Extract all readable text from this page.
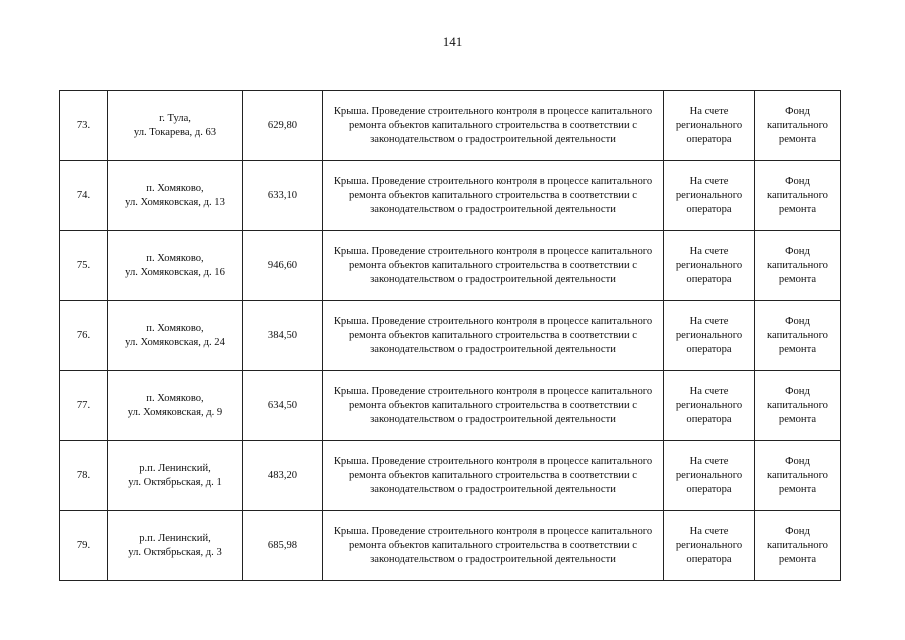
141
73.	г. Тула,
ул. Токарева, д. 63	629,80	Крыша. Проведение строительного контроля в процессе капитального ремонта объектов капитального строительства в соответствии с законодательством о градостроительной деятельности	На счете регионального оператора	Фонд капитального ремонта
74.	п. Хомяково,
ул. Хомяковская, д. 13	633,10	Крыша. Проведение строительного контроля в процессе капитального ремонта объектов капитального строительства в соответствии с законодательством о градостроительной деятельности	На счете регионального оператора	Фонд капитального ремонта
75.	п. Хомяково,
ул. Хомяковская, д. 16	946,60	Крыша. Проведение строительного контроля в процессе капитального ремонта объектов капитального строительства в соответствии с законодательством о градостроительной деятельности	На счете регионального оператора	Фонд капитального ремонта
76.	п. Хомяково,
ул. Хомяковская, д. 24	384,50	Крыша. Проведение строительного контроля в процессе капитального ремонта объектов капитального строительства в соответствии с законодательством о градостроительной деятельности	На счете регионального оператора	Фонд капитального ремонта
77.	п. Хомяково,
ул. Хомяковская, д. 9	634,50	Крыша. Проведение строительного контроля в процессе капитального ремонта объектов капитального строительства в соответствии с законодательством о градостроительной деятельности	На счете регионального оператора	Фонд капитального ремонта
78.	р.п. Ленинский,
ул. Октябрьская, д. 1	483,20	Крыша. Проведение строительного контроля в процессе капитального ремонта объектов капитального строительства в соответствии с законодательством о градостроительной деятельности	На счете регионального оператора	Фонд капитального ремонта
79.	р.п. Ленинский,
ул. Октябрьская, д. 3	685,98	Крыша. Проведение строительного контроля в процессе капитального ремонта объектов капитального строительства в соответствии с законодательством о градостроительной деятельности	На счете регионального оператора	Фонд капитального ремонта
